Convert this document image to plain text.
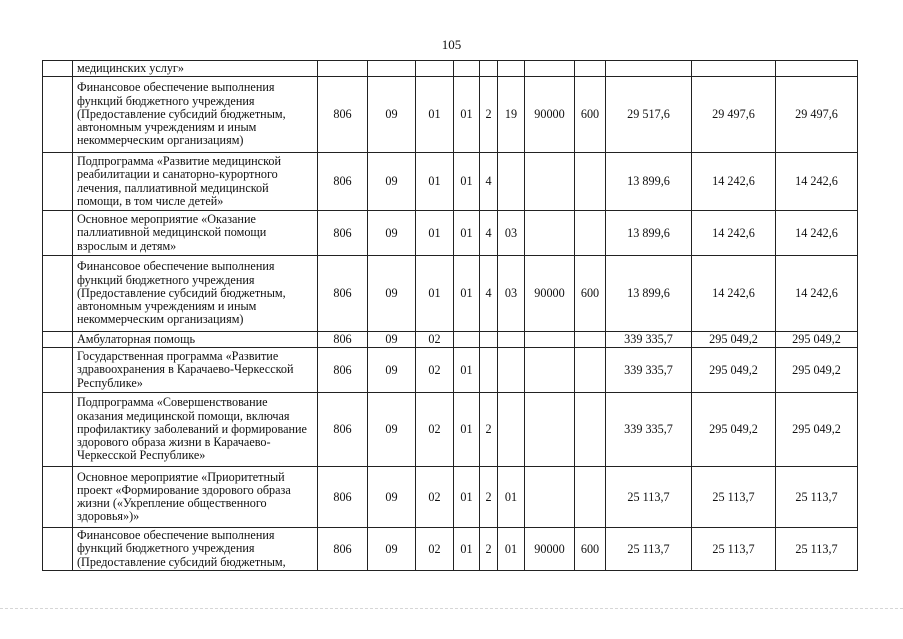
105
	медицинских услуг»											
	Финансовое обеспечение выполнения функций бюджетного учреждения (Предоставление субсидий бюджетным, автономным учреждениям и иным некоммерческим организациям)	806	09	01	01	2	19	90000	600	29 517,6	29 497,6	29 497,6
	Подпрограмма «Развитие медицинской реабилитации и санаторно-курортного лечения, паллиативной медицинской помощи, в том числе детей»	806	09	01	01	4				13 899,6	14 242,6	14 242,6
	Основное мероприятие «Оказание паллиативной медицинской помощи взрослым и детям»	806	09	01	01	4	03			13 899,6	14 242,6	14 242,6
	Финансовое обеспечение выполнения функций бюджетного учреждения (Предоставление субсидий бюджетным, автономным учреждениям и иным некоммерческим организациям)	806	09	01	01	4	03	90000	600	13 899,6	14 242,6	14 242,6
	Амбулаторная помощь	806	09	02						339 335,7	295 049,2	295 049,2
	Государственная программа «Развитие здравоохранения в Карачаево-Черкесской Республике»	806	09	02	01					339 335,7	295 049,2	295 049,2
	Подпрограмма «Совершенствование оказания медицинской помощи, включая профилактику заболеваний и формирование здорового образа жизни в Карачаево-Черкесской Республике»	806	09	02	01	2				339 335,7	295 049,2	295 049,2
	Основное мероприятие «Приоритетный проект «Формирование здорового образа жизни («Укрепление общественного здоровья»)»	806	09	02	01	2	01			25 113,7	25 113,7	25 113,7
	Финансовое обеспечение выполнения функций бюджетного учреждения (Предоставление субсидий бюджетным,	806	09	02	01	2	01	90000	600	25 113,7	25 113,7	25 113,7
